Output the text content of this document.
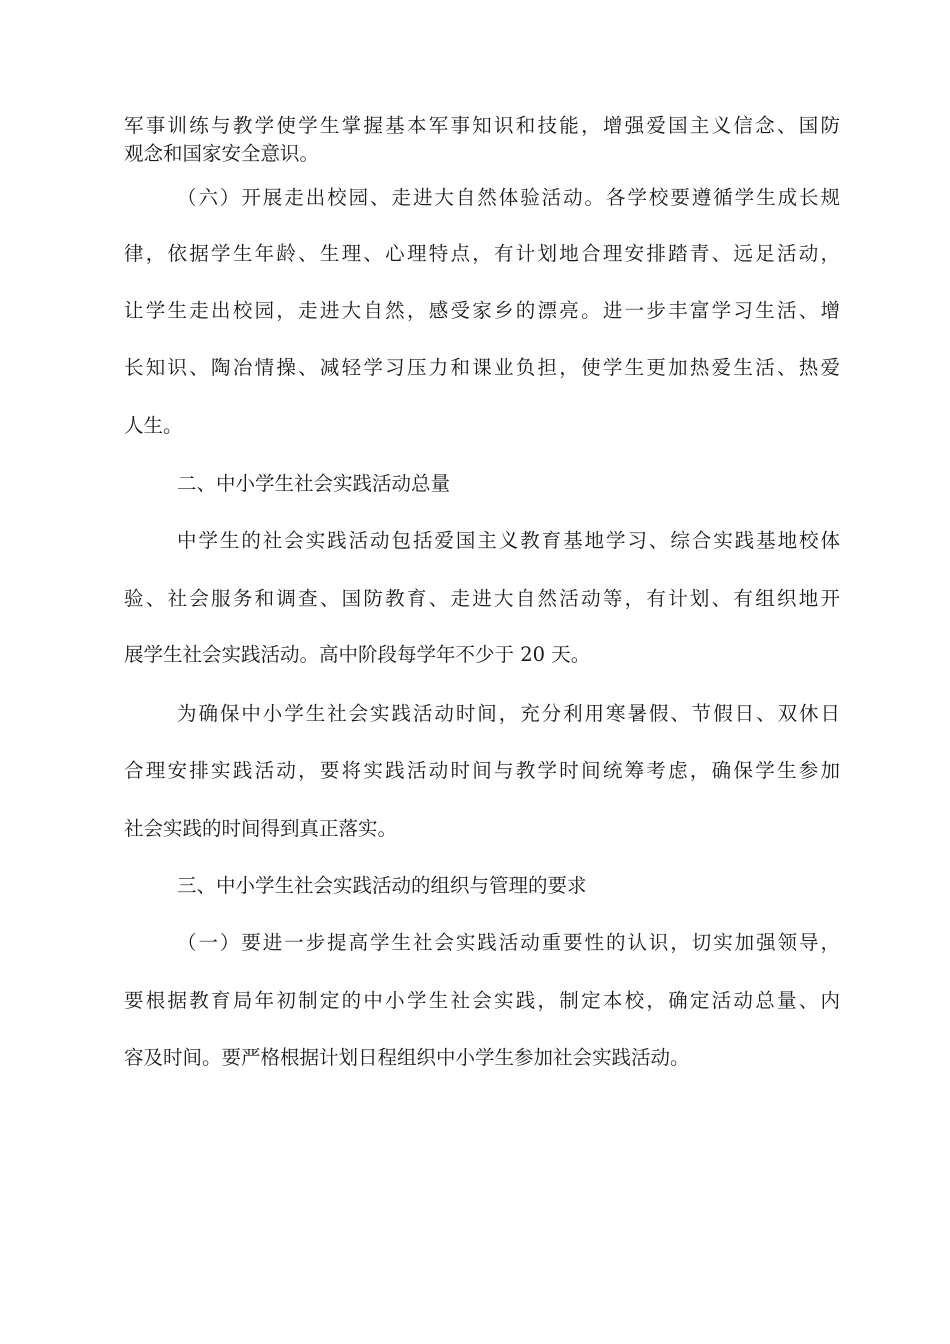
军事训练与教学使学生掌握基本军事知识和技能，增强爱国主义信念、国防
观念和国家安全意识。
（六）开展走出校园、走进大自然体验活动。各学校要遵循学生成长规
律，依据学生年龄、生理、心理特点，有计划地合理安排踏青、远足活动，
让学生走出校园，走进大自然，感受家乡的漂亮。进一步丰富学习生活、增
长知识、陶冶情操、减轻学习压力和课业负担，使学生更加热爱生活、热爱
人生。
二、中小学生社会实践活动总量
中学生的社会实践活动包括爱国主义教育基地学习、综合实践基地校体
验、社会服务和调查、国防教育、走进大自然活动等，有计划、有组织地开
展学生社会实践活动。高中阶段每学年不少于 20 天。
为确保中小学生社会实践活动时间，充分利用寒暑假、节假日、双休日
合理安排实践活动，要将实践活动时间与教学时间统筹考虑，确保学生参加
社会实践的时间得到真正落实。
三、中小学生社会实践活动的组织与管理的要求
（一）要进一步提高学生社会实践活动重要性的认识，切实加强领导，
要根据教育局年初制定的中小学生社会实践，制定本校，确定活动总量、内
容及时间。要严格根据计划日程组织中小学生参加社会实践活动。
